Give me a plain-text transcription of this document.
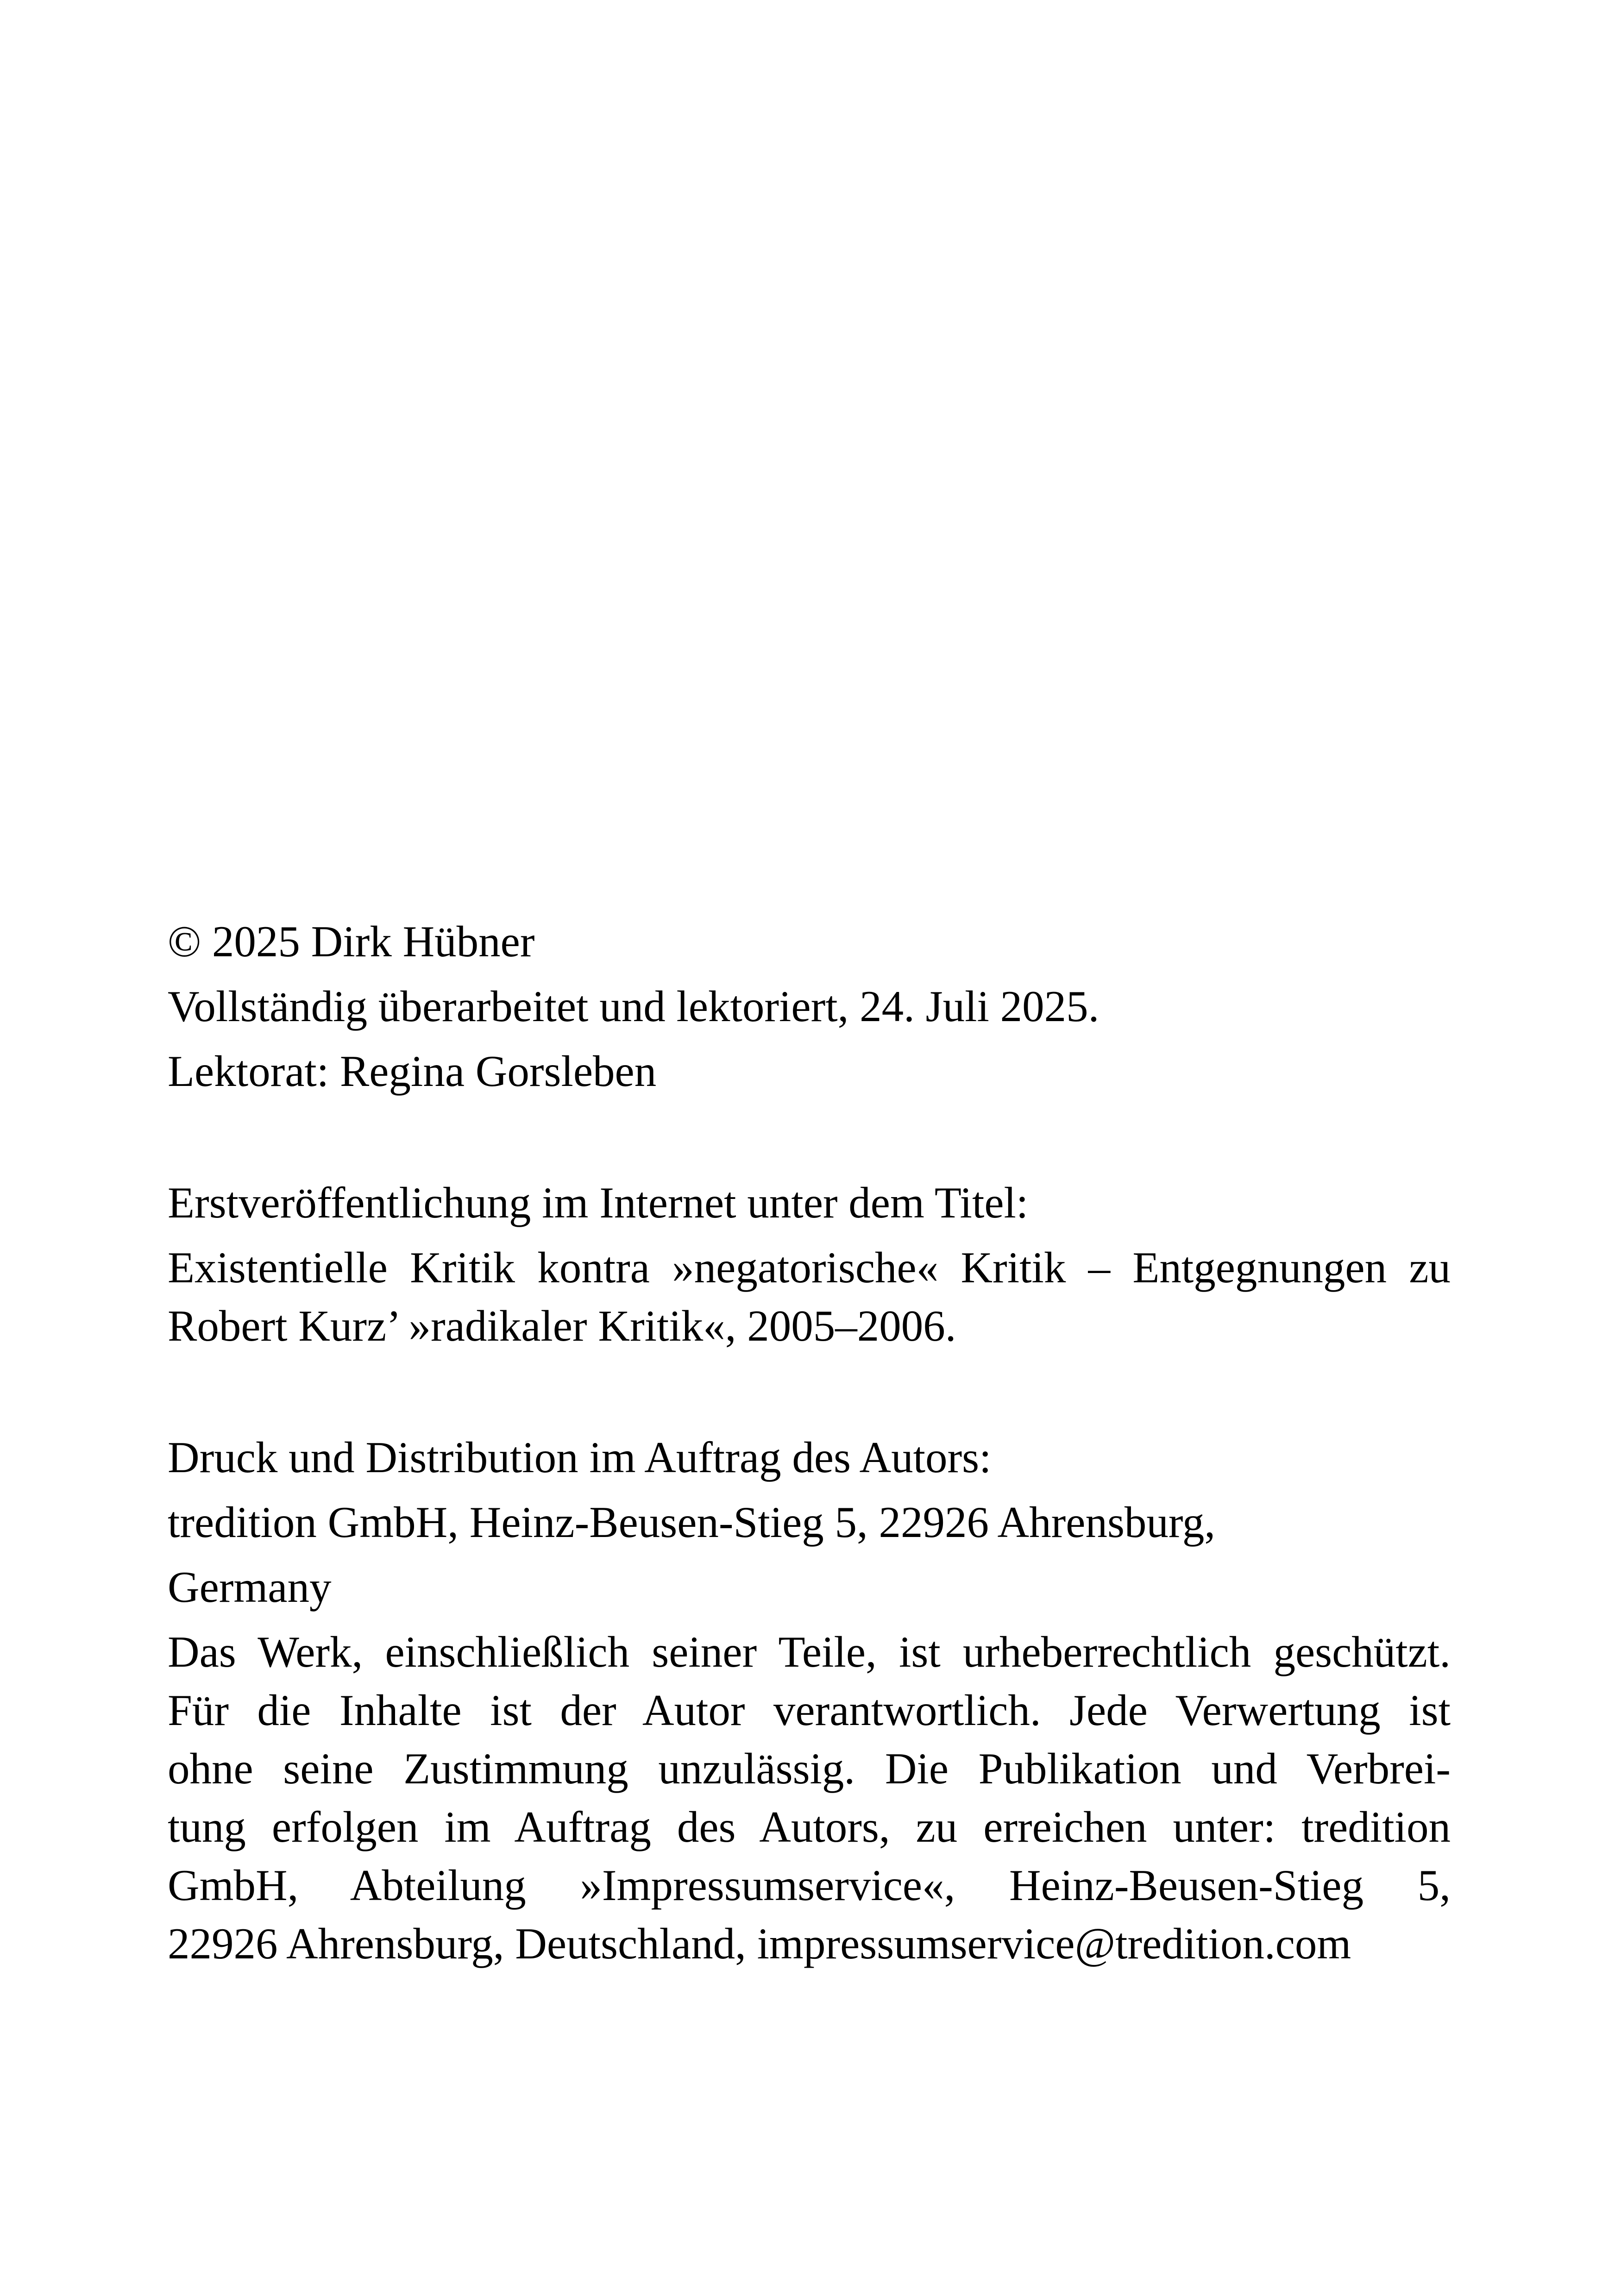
© 2025 Dirk Hübner

Vollständig überarbeitet und lektoriert, 24. Juli 2025.

Lektorat: Regina Gorsleben

Erstveröffentlichung im Internet unter dem Titel:

Existentielle Kritik kontra »negatorische« Kritik – Entgegnungen zu
Robert Kurz’ »radikaler Kritik«, 2005–2006.

Druck und Distribution im Auftrag des Autors:

tredition GmbH, Heinz-Beusen-Stieg 5, 22926 Ahrensburg,

Germany

Das Werk, einschließlich seiner Teile, ist urheberrechtlich geschützt.
Für die Inhalte ist der Autor verantwortlich. Jede Verwertung ist
ohne seine Zustimmung unzulässig. Die Publikation und Verbrei-
tung erfolgen im Auftrag des Autors, zu erreichen unter: tredition
GmbH, Abteilung »Impressumservice«, Heinz-Beusen-Stieg 5,
22926 Ahrensburg, Deutschland, impressumservice@tredition.com
